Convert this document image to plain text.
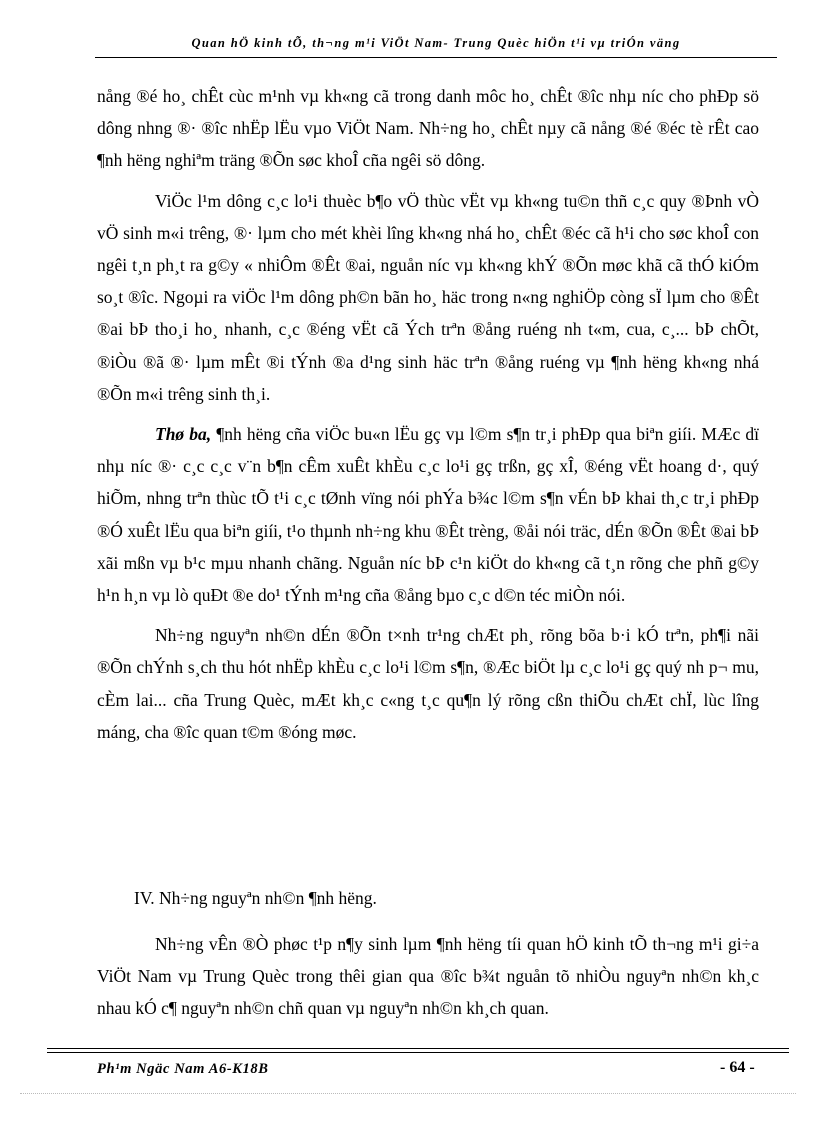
Quan hÖ kinh tÕ, th¬ng m¹i ViÖt Nam- Trung Quèc hiÖn t¹i vµ triÓn väng

nång ®é ho¸ chÊt cùc m¹nh vµ kh«ng cã trong danh môc ho¸ chÊt ®îc nhµ níc cho phÐp sö dông nhng ®· ®îc nhËp lËu vµo ViÖt Nam. Nh÷ng ho¸ chÊt nµy cã nång ®é ®éc tè rÊt cao ¶nh hëng nghiªm träng ®Õn søc khoÎ cña ngêi sö dông.

ViÖc l¹m dông c¸c lo¹i thuèc b¶o vÖ thùc vËt vµ kh«ng tu©n thñ c¸c quy ®Þnh vÒ vÖ sinh m«i trêng, ®· lµm cho mét khèi lîng kh«ng nhá ho¸ chÊt ®éc cã h¹i cho søc khoÎ con ngêi t¸n ph¸t ra g©y « nhiÔm ®Êt ®ai, nguån níc vµ kh«ng khÝ ®Õn møc khã cã thÓ kiÓm so¸t ®îc. Ngoµi ra viÖc l¹m dông ph©n bãn ho¸ häc trong n«ng nghiÖp còng sÏ lµm cho ®Êt ®ai bÞ tho¸i ho¸ nhanh, c¸c ®éng vËt cã Ých trªn ®ång ruéng nh t«m, cua, c¸... bÞ chÕt, ®iÒu ®ã ®· lµm mÊt ®i tÝnh ®a d¹ng sinh häc trªn ®ång ruéng vµ ¶nh hëng kh«ng nhá ®Õn m«i trêng sinh th¸i.

Thø ba, ¶nh hëng cña viÖc bu«n lËu gç vµ l©m s¶n tr¸i phÐp qua biªn giíi. MÆc dï nhµ níc ®· c¸c c¸c v¨n b¶n cÊm xuÊt khÈu c¸c lo¹i gç trßn, gç xÎ, ®éng vËt hoang d·, quý hiÕm, nhng trªn thùc tÕ t¹i c¸c tØnh vïng nói phÝa b¾c l©m s¶n vÉn bÞ khai th¸c tr¸i phÐp ®Ó xuÊt lËu qua biªn giíi, t¹o thµnh nh÷ng khu ®Êt trèng, ®åi nói träc, dÉn ®Õn ®Êt ®ai bÞ xãi mßn vµ b¹c mµu nhanh chãng. Nguån níc bÞ c¹n kiÖt do kh«ng cã t¸n rõng che phñ g©y h¹n h¸n vµ lò quÐt ®e do¹ tÝnh m¹ng cña ®ång bµo c¸c d©n téc miÒn nói.

Nh÷ng nguyªn nh©n dÉn ®Õn t×nh tr¹ng chÆt ph¸ rõng bõa b·i kÓ trªn, ph¶i nãi ®Õn chÝnh s¸ch thu hót nhËp khÈu c¸c lo¹i l©m s¶n, ®Æc biÖt lµ c¸c lo¹i gç quý nh p¬ mu, cÈm lai... cña Trung Quèc, mÆt kh¸c c«ng t¸c qu¶n lý rõng cßn thiÕu chÆt chÏ, lùc lîng máng, cha ®îc quan t©m ®óng møc.

IV. Nh÷ng nguyªn nh©n ¶nh hëng.

Nh÷ng vÊn ®Ò phøc t¹p n¶y sinh lµm ¶nh hëng tíi quan hÖ kinh tÕ th¬ng m¹i gi÷a ViÖt Nam vµ Trung Quèc trong thêi gian qua ®îc b¾t nguån tõ nhiÒu nguyªn nh©n kh¸c nhau kÓ c¶ nguyªn nh©n chñ quan vµ nguyªn nh©n kh¸ch quan.

Ph¹m Ngäc Nam A6-K18B	- 64 -
